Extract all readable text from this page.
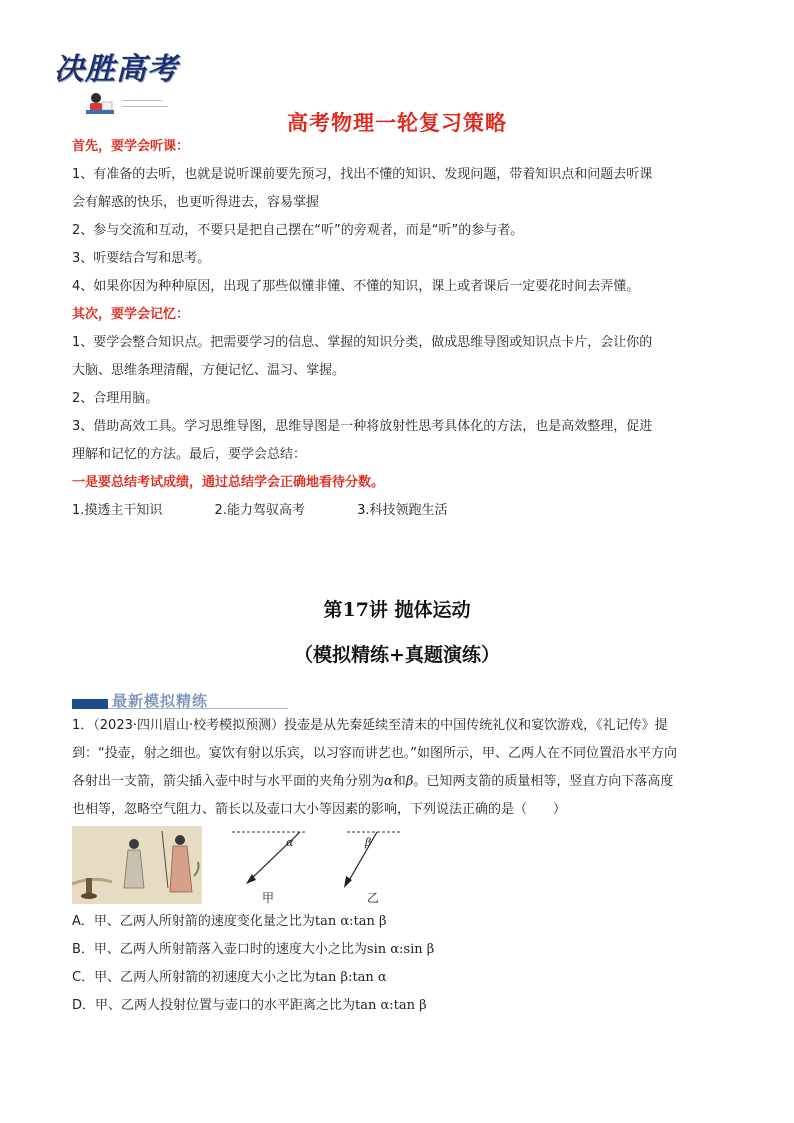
决胜高考
高考物理一轮复习策略

首先，要学会听课：

1、有准备的去听，也就是说听课前要先预习，找出不懂的知识、发现问题，带着知识点和问题去听课

会有解惑的快乐，也更听得进去，容易掌握

2、参与交流和互动，不要只是把自己摆在“听”的旁观者，而是“听”的参与者。

3、听要结合写和思考。

4、如果你因为种种原因，出现了那些似懂非懂、不懂的知识，课上或者课后一定要花时间去弄懂。

其次，要学会记忆：

1、要学会整合知识点。把需要学习的信息、掌握的知识分类，做成思维导图或知识点卡片，会让你的

大脑、思维条理清醒，方便记忆、温习、掌握。

2、合理用脑。

3、借助高效工具。学习思维导图，思维导图是一种将放射性思考具体化的方法，也是高效整理，促进

理解和记忆的方法。最后，要学会总结：

一是要总结考试成绩，通过总结学会正确地看待分数。

1.摸透主干知识	2.能力驾驭高考	3.科技领跑生活

第17讲 抛体运动
（模拟精练+真题演练）
最新模拟精练

1．（2023·四川眉山·校考模拟预测）投壶是从先秦延续至清末的中国传统礼仪和宴饮游戏，《礼记传》提

到：“投壶，射之细也。宴饮有射以乐宾，以习容而讲艺也。”如图所示，甲、乙两人在不同位置沿水平方向

各射出一支箭，箭尖插入壶中时与水平面的夹角分别为α和β。已知两支箭的质量相等，竖直方向下落高度

也相等，忽略空气阻力、箭长以及壶口大小等因素的影响，下列说法正确的是（　　）

α	β
甲	乙

A．甲、乙两人所射箭的速度变化量之比为tan α:tan β

B．甲、乙两人所射箭落入壶口时的速度大小之比为sin α:sin β

C．甲、乙两人所射箭的初速度大小之比为tan β:tan α

D．甲、乙两人投射位置与壶口的水平距离之比为tan α:tan β
